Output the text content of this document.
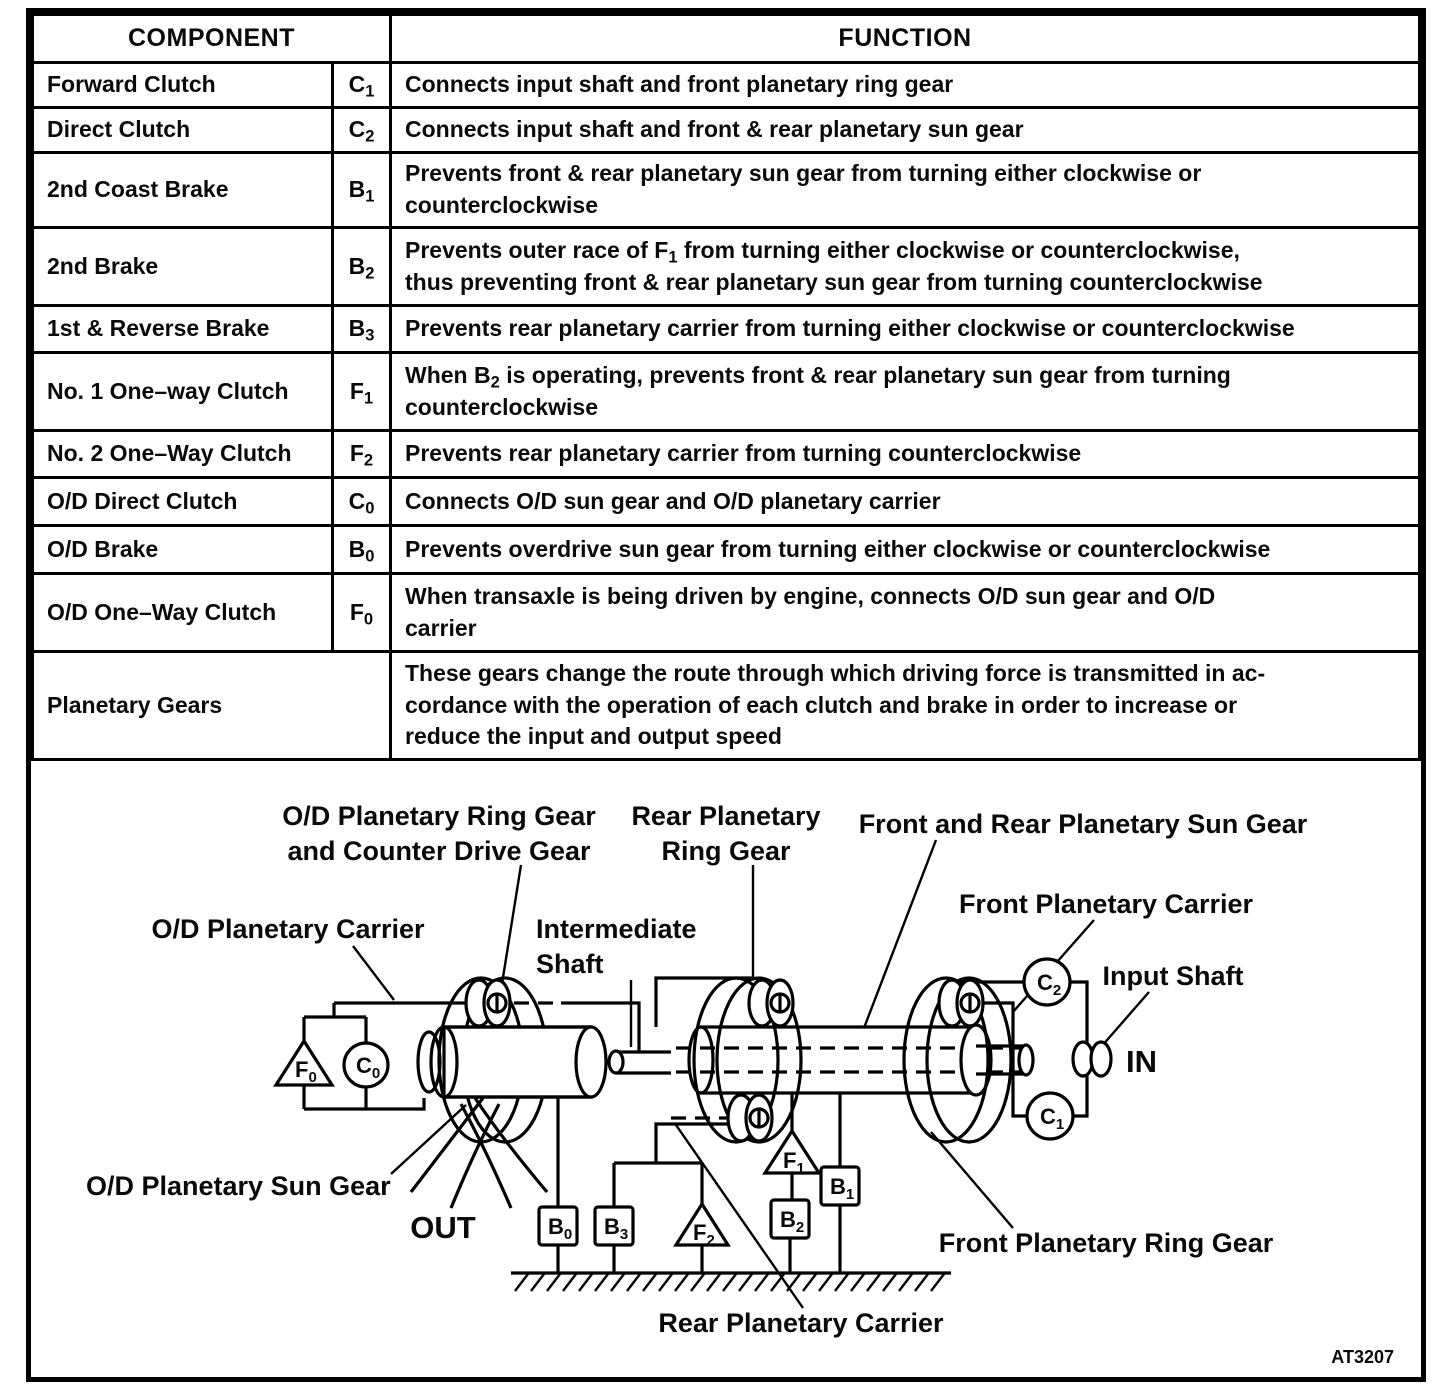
COMPONENT		FUNCTION
Forward Clutch	$C_1$	Connects input shaft and front planetary ring gear
Direct Clutch	$C_2$	Connects input shaft and front & rear planetary sun gear
2nd Coast Brake	$B_1$	Prevents front & rear planetary sun gear from turning either clockwise or
counterclockwise
2nd Brake	$B_2$	Prevents outer race of $F_1$ from turning either clockwise or counterclockwise,
thus preventing front & rear planetary sun gear from turning counterclockwise
1st & Reverse Brake	$B_3$	Prevents rear planetary carrier from turning either clockwise or counterclockwise
No. 1 One–way Clutch	$F_1$	When $B_2$ is operating, prevents front & rear planetary sun gear from turning
counterclockwise
No. 2 One–Way Clutch	$F_2$	Prevents rear planetary carrier from turning counterclockwise
O/D Direct Clutch	$C_0$	Connects O/D sun gear and O/D planetary carrier
O/D Brake	$B_0$	Prevents overdrive sun gear from turning either clockwise or counterclockwise
O/D One–Way Clutch	$F_0$	When transaxle is being driven by engine, connects O/D sun gear and O/D
carrier
Planetary Gears		These gears change the route through which driving force is transmitted in ac-
cordance with the operation of each clutch and brake in order to increase or
reduce the input and output speed
$F_0$ $C_0$
$B_0$ $B_3$	$F_2$
$F_1$
$B_2$
$B_1$
$C_2$
$C_1$
O/D Planetary Ring Gear
and Counter Drive Gear
Rear Planetary
Ring Gear
Front and Rear Planetary Sun Gear
Front Planetary Carrier
Input Shaft
O/D Planetary Carrier	Intermediate
Shaft
O/D Planetary Sun Gear
OUT
IN
Front Planetary Ring Gear
Rear Planetary Carrier
AT3207
